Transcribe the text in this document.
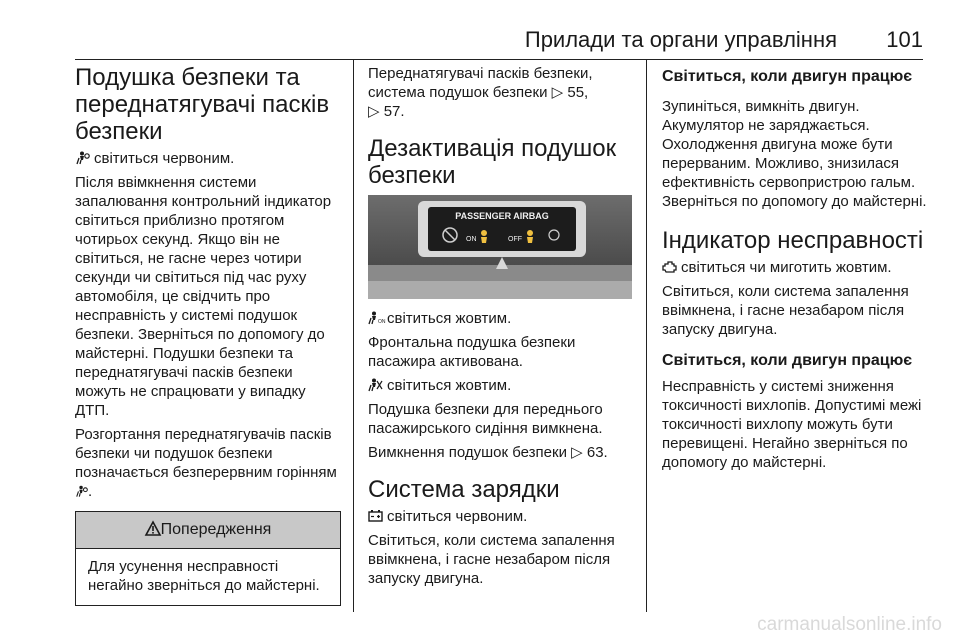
Прилади та органи управління 101
Подушка безпеки та переднатягувачі пасків безпеки

світиться червоним.

Після ввімкнення системи запалювання контрольний індикатор світиться приблизно протягом чотирьох секунд. Якщо він не світиться, не гасне через чотири секунди чи світиться під час руху автомобіля, це свідчить про несправність у системі подушок безпеки. Зверніться по допомогу до майстерні. Подушки безпеки та переднатягувачі пасків безпеки можуть не спрацювати у випадку ДТП.

Розгортання переднатягувачів пасків безпеки чи подушок безпеки позначається безперервним горінням .

Попередження

Для усунення несправності негайно зверніться до майстерні.

Переднатягувачі пасків безпеки, система подушок безпеки ▷ 55,
▷ 57.

Дезактивація подушок безпеки
PASSENGER AIRBAG
ON	OFF

ON світиться жовтим.

Фронтальна подушка безпеки пасажира активована.

світиться жовтим.

Подушка безпеки для переднього пасажирського сидіння вимкнена.

Вимкнення подушок безпеки ▷ 63.

Система зарядки

світиться червоним.

Світиться, коли система запалення ввімкнена, і гасне незабаром після запуску двигуна.

Світиться, коли двигун працює

Зупиніться, вимкніть двигун. Акумулятор не заряджається. Охолодження двигуна може бути перерваним. Можливо, знизилася ефективність сервопристрою гальм. Зверніться по допомогу до майстерні.

Індикатор несправності

світиться чи миготить жовтим.

Світиться, коли система запалення ввімкнена, і гасне незабаром після запуску двигуна.

Світиться, коли двигун працює

Несправність у системі зниження токсичності вихлопів. Допустимі межі токсичності вихлопу можуть бути перевищені. Негайно зверніться по допомогу до майстерні.

carmanualsonline.info
